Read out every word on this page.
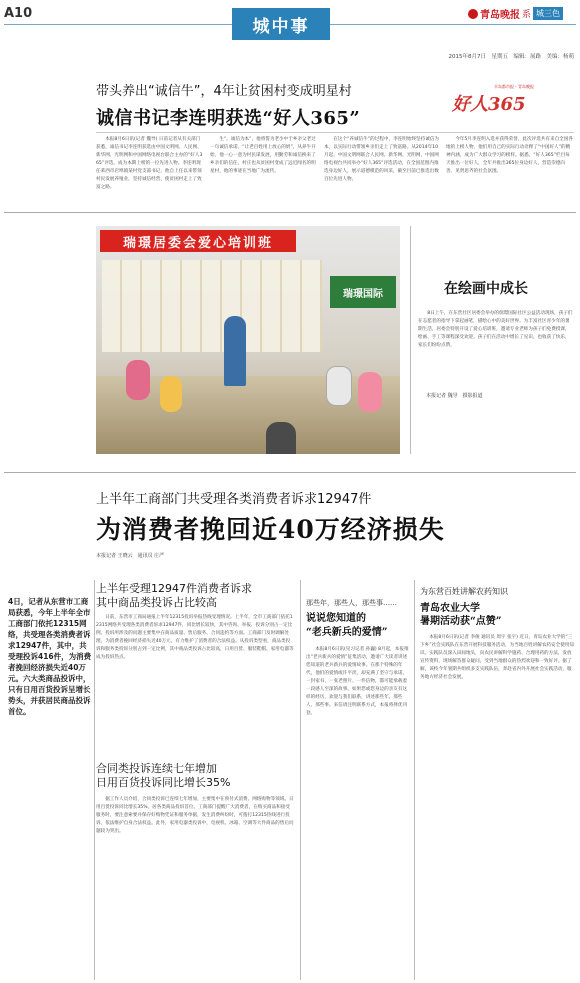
A10
城中事
青岛晚报 系 城三色
2015年8月7日　星期五　编辑：展路　美编：杨萌
带头养出“诚信牛”，4年让贫困村变成明星村
诚信书记李连明获选“好人365”
半岛都市报・青岛晚报
好人365

本报8月6日讯(记者 魏导) 日前记者从有关部门获悉，诚信书记李连明获选由中国文明网、人民网、新华网、光明网和中国网络电视台联合主办的“好人365”评选，成为本期上榜的一位先进人物。李连明现任莱西市店埠镇某村党支部书记，他自上任以来带领村民发展养殖业，坚持诚信经营，使贫困村走上了致富之路。

生“。诚信为本”，他将誓为老少中于乡亲父老过一句诚信承诺。“让老百姓用上放心的奶”，从养牛开始，他一心一意为村民谋发展，用勤劳和诚信换来了乡亲们的信任，村庄也从贫困村变成了远近闻名的明星村，他的事迹在当地广为流传。

在这个“养诚信牛”的过程中，李连明始终坚持诚信为本，以实际行动带领乡亲们走上了致富路。从2014年10月起，中国文明网联合人民网、新华网、光明网、中国网络电视台共同举办“好人365”评选活动，在全国范围内推选身边好人，展示道德模范的风采，截至目前已推选出数百位先进人物。

今年5月李连明入选并获得荣誉，此次评选共有来自全国各地的上榜人物，他们用自己的实际行动诠释了“中国好人”的精神内涵，成为广大群众学习的榜样。据悉，“好人365”栏目每天推出一位好人，全年共推出365位身边好人，营造崇德向善、见贤思齐的社会氛围。

瑞璟居委会爱心培训班
瑞璟国际	在绘画中成长

8日上午，在东营社区居委会举办的瑞璟国际社区公益活动现场，孩子们在志愿者的指导下拿起画笔，描绘心中的美好世界。为丰富社区青少年的暑期生活，居委会特别开设了爱心培训班，邀请专业老师为孩子们免费授课，绘画、手工等课程深受欢迎。孩子们在活动中增长了见识，也收获了快乐，家长们纷纷点赞。

本报记者 魏导　摄影报道
上半年工商部门共受理各类消费者诉求12947件
为消费者挽回近40万经济损失
本报记者 王晓云　通讯员 庄严
4日，记者从东营市工商局获悉，今年上半年全市工商部门依托12315网络，共受理各类消费者诉求12947件，其中，共受理投诉416件，为消费者挽回经济损失近40万元。六大类商品投诉中，只有日用百货投诉呈增长势头，并获居民商品投诉首位。
上半年受理12947件消费者诉求
其中商品类投诉占比较高

日前，东营市工商局通报上半年12315投诉举报热线受理情况。上半年，全市工商部门依托12315网络共受理各类消费者诉求12947件，同比增长较快，其中咨询、举报、投诉分别占一定比例。投诉所涉及的问题主要集中在商品质量、售后服务、合同违约等方面。工商部门及时调解处理，为消费者挽回经济损失近40万元，有力维护了消费者的合法权益。从投诉类型看，商品类投诉和服务类投诉分别占到一定比例，其中商品类投诉占比较高，日用百货、服装鞋帽、家用电器等成为投诉热点。

合同类投诉连续七年增加
日用百货投诉同比增长35%

据工作人员介绍，合同类投诉已连续七年增加，主要集中在预付式消费、网络购物等领域。日用百货投诉同比增长35%，居各类商品投诉首位。工商部门提醒广大消费者，在购买商品和接受服务时，要注意索要并保存好购物凭证和服务单据，发生消费纠纷时，可拨打12315热线进行投诉，依法维护自身合法权益。此外，家用电器类投诉中，电视机、冰箱、空调等大件商品的售后问题较为突出。

那些年，那些人，那些事……
说说您知道的
“老兵新兵的爱情”

本报8月6日讯(见习记者 孙巍) 8月起，本报推出“老兵新兵的爱情”征集活动，邀请广大读者讲述您知道的老兵新兵的爱情故事。在那个特殊的年代，他们的爱情或许平淡，却充满了坚守与承诺。一封家书、一张老照片、一件信物，都可能承载着一段感人至深的故事。如果您或您身边的亲友有这样的经历，欢迎与我们联系，讲述那些年、那些人、那些事。来信请注明联系方式，本报将择优刊登。

为东营百姓讲解农药知识
青岛农业大学
暑期活动获“点赞”

本报8月6日讯(记者 李俊 通讯员 周宇 张宇) 近日，青岛农业大学的“三下乡”社会实践队在东营开展科技服务活动，为当地百姓讲解农药安全使用知识。实践队员深入田间地头，向农民讲解科学施药、合理用药的方法，发放宣传资料，现场解答群众疑问，受到当地群众的热烈欢迎和一致好评。据了解，该校今年暑期共组织多支实践队伍，奔赴省内外开展社会实践活动，服务地方经济社会发展。
